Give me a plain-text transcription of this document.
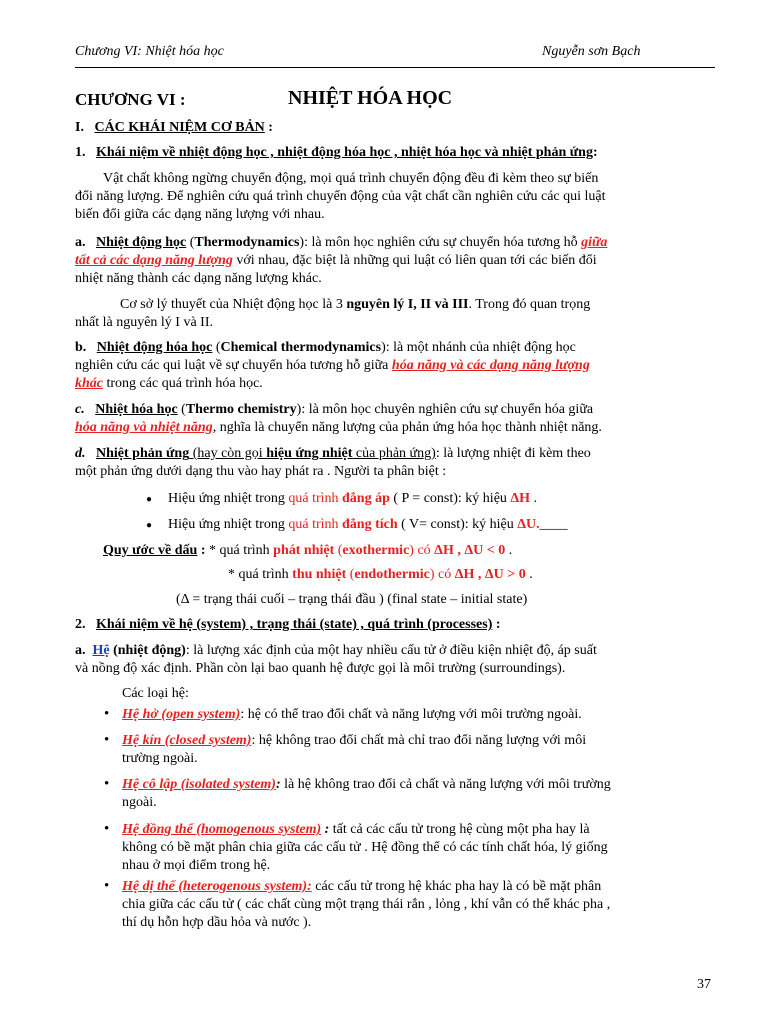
Chương VI: Nhiệt hóa học	Nguyễn sơn Bạch
CHƯƠNG VI :	NHIỆT HÓA HỌC
I. CÁC KHÁI NIỆM CƠ BẢN :
1. Khái niệm về nhiệt động học , nhiệt động hóa học , nhiệt hóa học và nhiệt phản ứng:
Vật chất không ngừng chuyển động, mọi quá trình chuyển động đều đi kèm theo sự biến
đổi năng lượng. Để nghiên cứu quá trình chuyển động của vật chất cần nghiên cứu các qui luật
biến đổi giữa các dạng năng lượng với nhau.
a. Nhiệt động học (Thermodynamics): là môn học nghiên cứu sự chuyển hóa tương hỗ giữa
tất cả các dạng năng lượng với nhau, đặc biệt là những qui luật có liên quan tới các biến đổi
nhiệt năng thành các dạng năng lượng khác.
Cơ sở lý thuyết của Nhiệt động học là 3 nguyên lý I, II và III. Trong đó quan trọng
nhất là nguyên lý I và II.
b. Nhiệt động hóa học (Chemical thermodynamics): là một nhánh của nhiệt động học
nghiên cứu các qui luật về sự chuyển hóa tương hỗ giữa hóa năng và các dạng năng lượng
khác trong các quá trình hóa học.
c. Nhiệt hóa học (Thermo chemistry): là môn học chuyên nghiên cứu sự chuyển hóa giữa
hóa năng và nhiệt năng, nghĩa là chuyển năng lượng của phản ứng hóa học thành nhiệt năng.
d. Nhiệt phản ứng (hay còn gọi hiệu ứng nhiệt của phản ứng): là lượng nhiệt đi kèm theo
một phản ứng dưới dạng thu vào hay phát ra . Người ta phân biệt :
● Hiệu ứng nhiệt trong quá trình đẳng áp ( P = const): ký hiệu ΔH .
● Hiệu ứng nhiệt trong quá trình đẳng tích ( V= const): ký hiệu ΔU.____
Quy ước về dấu : * quá trình phát nhiệt (exothermic) có ΔH , ΔU < 0 .
* quá trình thu nhiệt (endothermic) có ΔH , ΔU > 0 .
(Δ = trạng thái cuối – trạng thái đầu ) (final state – initial state)
2. Khái niệm về hệ (system) , trạng thái (state) , quá trình (processes) :
a. Hệ (nhiệt động): là lượng xác định của một hay nhiều cấu tử ở điều kiện nhiệt độ, áp suất
và nồng độ xác định. Phần còn lại bao quanh hệ được gọi là môi trường (surroundings).
Các loại hệ:
• Hệ hở (open system): hệ có thể trao đổi chất và năng lượng với môi trường ngoài.
• Hệ kín (closed system): hệ không trao đổi chất mà chỉ trao đổi năng lượng với môi
trường ngoài.
• Hệ cô lập (isolated system): là hệ không trao đổi cả chất và năng lượng với môi trường
ngoài.
• Hệ đồng thể (homogenous system) : tất cả các cấu tử trong hệ cùng một pha hay là
không có bề mặt phân chia giữa các cấu tử . Hệ đồng thể có các tính chất hóa, lý giống
nhau ở mọi điểm trong hệ.
• Hệ dị thể (heterogenous system): các cấu tử trong hệ khác pha hay là có bề mặt phân
chia giữa các cấu tử ( các chất cùng một trạng thái rắn , lỏng , khí vẫn có thể khác pha ,
thí dụ hỗn hợp dầu hỏa và nước ).
37
